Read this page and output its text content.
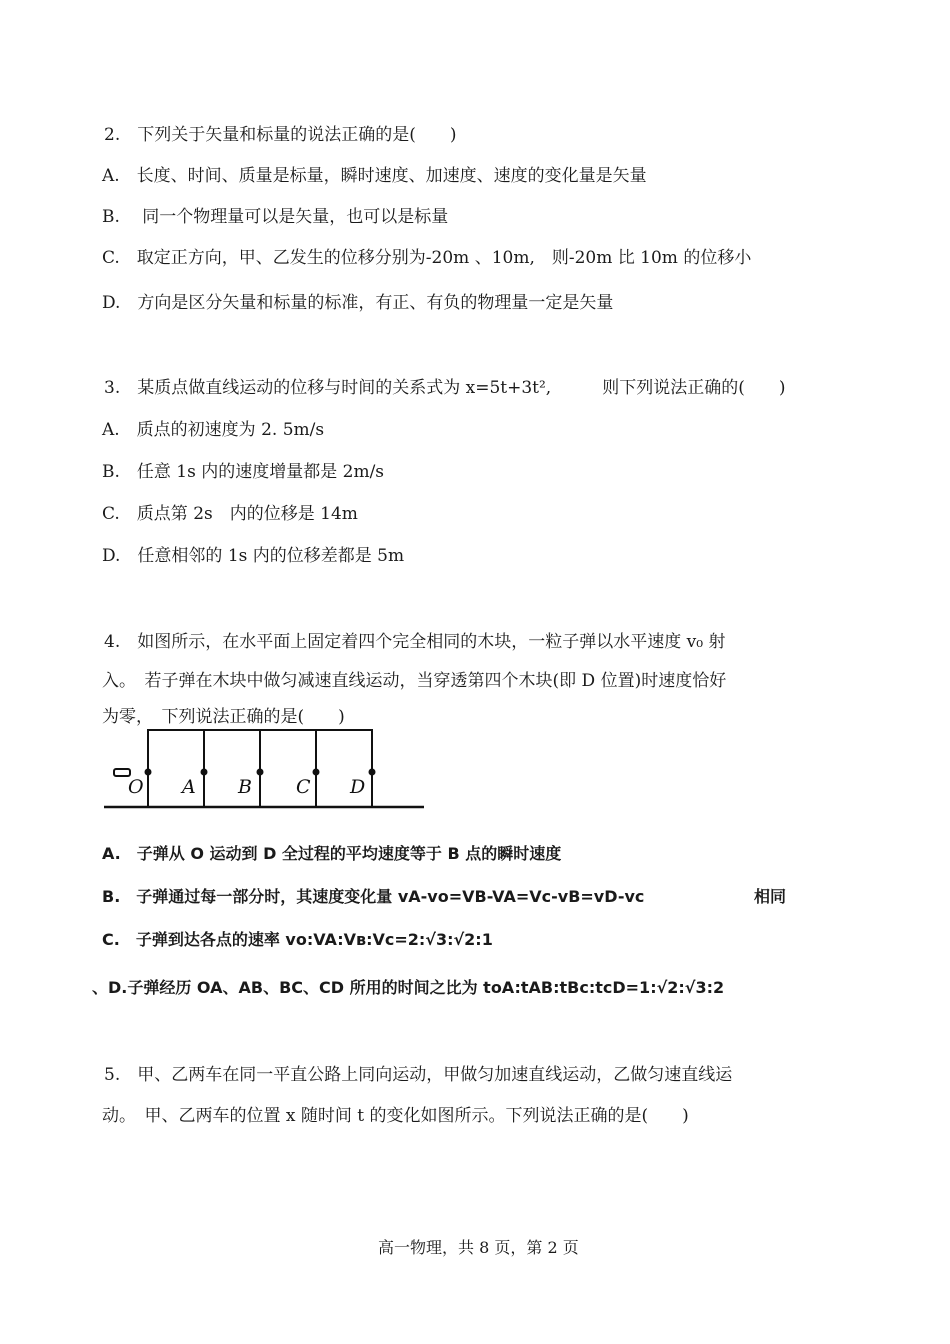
2.　下列关于矢量和标量的说法正确的是(　　)
A.　长度、时间、质量是标量，瞬时速度、加速度、速度的变化量是矢量
B.　 同一个物理量可以是矢量，也可以是标量
C.　取定正方向，甲、乙发生的位移分别为-20m 、10m,　则-20m 比 10m 的位移小
D.　方向是区分矢量和标量的标准，有正、有负的物理量一定是矢量
3.　某质点做直线运动的位移与时间的关系式为 x=5t+3t²,　　　则下列说法正确的(　　)
A.　质点的初速度为 2. 5m/s
B.　任意 1s 内的速度增量都是 2m/s
C.　质点第 2s　内的位移是 14m
D.　任意相邻的 1s 内的位移差都是 5m
4.　如图所示，在水平面上固定着四个完全相同的木块，一粒子弹以水平速度 v₀ 射
入。　若子弹在木块中做匀减速直线运动，当穿透第四个木块(即 D 位置)时速度恰好
为零，　下列说法正确的是(　　)
O A B C D
A.　子弹从 O 运动到 D 全过程的平均速度等于 B 点的瞬时速度
B.　子弹通过每一部分时，其速度变化量 vA-vo=VB-VA=Vc-vB=vD-vc	相同
C.　子弹到达各点的速率 vo:VA:Vʙ:Vc=2:√3:√2:1
、D.子弹经历 OA、AB、BC、CD 所用的时间之比为 toA:tAB:tBc:tcD=1:√2:√3:2
5.　甲、乙两车在同一平直公路上同向运动，甲做匀加速直线运动，乙做匀速直线运
动。　甲、乙两车的位置 x 随时间 t 的变化如图所示。下列说法正确的是(　　)
高一物理，共 8 页，第 2 页
